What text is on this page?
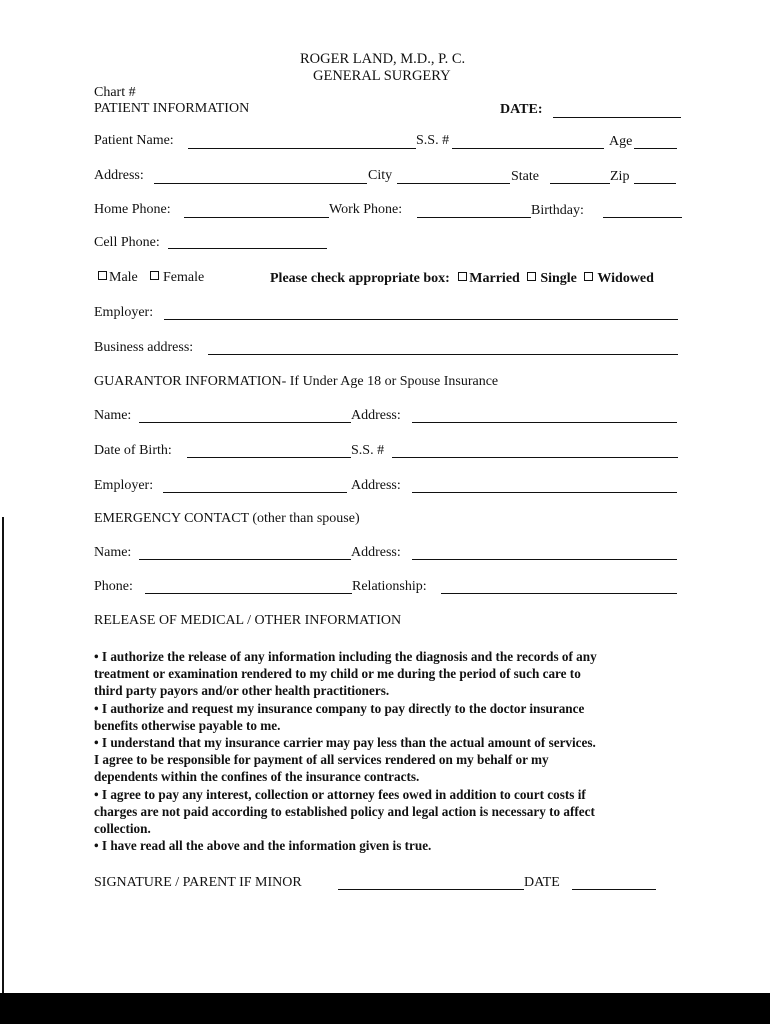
ROGER LAND, M.D., P. C.
GENERAL SURGERY
Chart #
PATIENT INFORMATION	DATE:
Patient Name:	S.S. #	Age
Address:	City	State	Zip
Home Phone:	Work Phone:	Birthday:
Cell Phone:
Male	Female	Please check appropriate box: Married Single Widowed
Employer:
Business address:
GUARANTOR INFORMATION- If Under Age 18 or Spouse Insurance
Name:	Address:
Date of Birth:	S.S. #
Employer:	Address:
EMERGENCY CONTACT (other than spouse)
Name:	Address:
Phone:	Relationship:
RELEASE OF MEDICAL / OTHER INFORMATION
• I authorize the release of any information including the diagnosis and the records of any
treatment or examination rendered to my child or me during the period of such care to
third party payors and/or other health practitioners.
• I authorize and request my insurance company to pay directly to the doctor insurance
benefits otherwise payable to me.
• I understand that my insurance carrier may pay less than the actual amount of services.
I agree to be responsible for payment of all services rendered on my behalf or my
dependents within the confines of the insurance contracts.
• I agree to pay any interest, collection or attorney fees owed in addition to court costs if
charges are not paid according to established policy and legal action is necessary to affect
collection.
• I have read all the above and the information given is true.
SIGNATURE / PARENT IF MINOR	DATE
